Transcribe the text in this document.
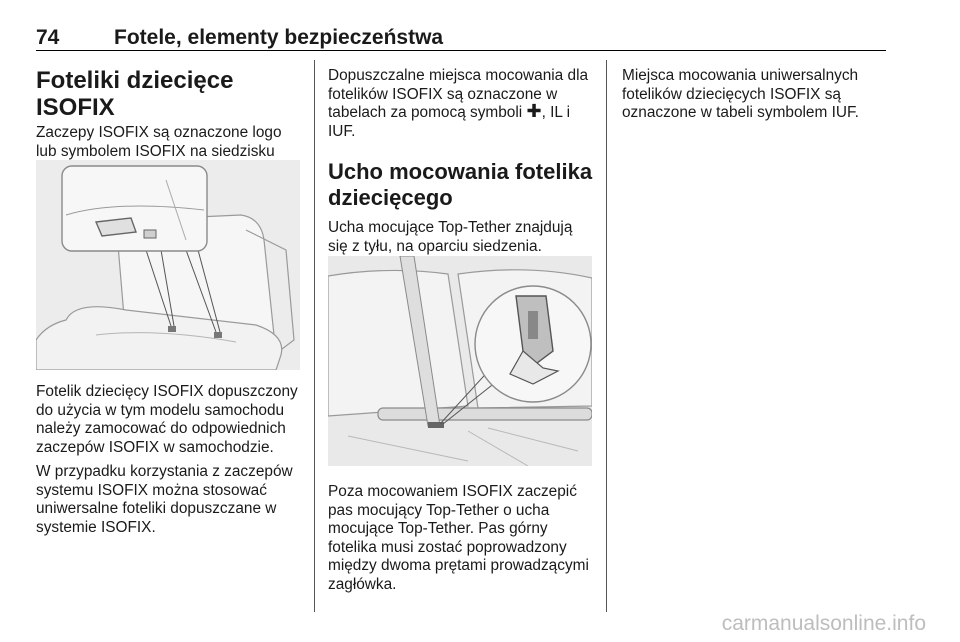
74	Fotele, elementy bezpieczeństwa
Foteliki dziecięce ISOFIX

Zaczepy ISOFIX są oznaczone logo lub symbolem ISOFIX na siedzisku

Fotelik dziecięcy ISOFIX dopuszczony do użycia w tym modelu samochodu należy zamocować do odpowiednich zaczepów ISOFIX w samochodzie.

W przypadku korzystania z zaczepów systemu ISOFIX można stosować uniwersalne foteliki dopuszczane w systemie ISOFIX.

Dopuszczalne miejsca mocowania dla fotelików ISOFIX są oznaczone w tabelach za pomocą symboli ✚, IL i IUF.

Ucho mocowania fotelika dziecięcego

Ucha mocujące Top-Tether znajdują się z tyłu, na oparciu siedzenia.

Poza mocowaniem ISOFIX zaczepić pas mocujący Top-Tether o ucha mocujące Top-Tether. Pas górny fotelika musi zostać poprowadzony między dwoma prętami prowadzącymi zagłówka.

Miejsca mocowania uniwersalnych fotelików dziecięcych ISOFIX są oznaczone w tabeli symbolem IUF.

carmanualsonline.info
